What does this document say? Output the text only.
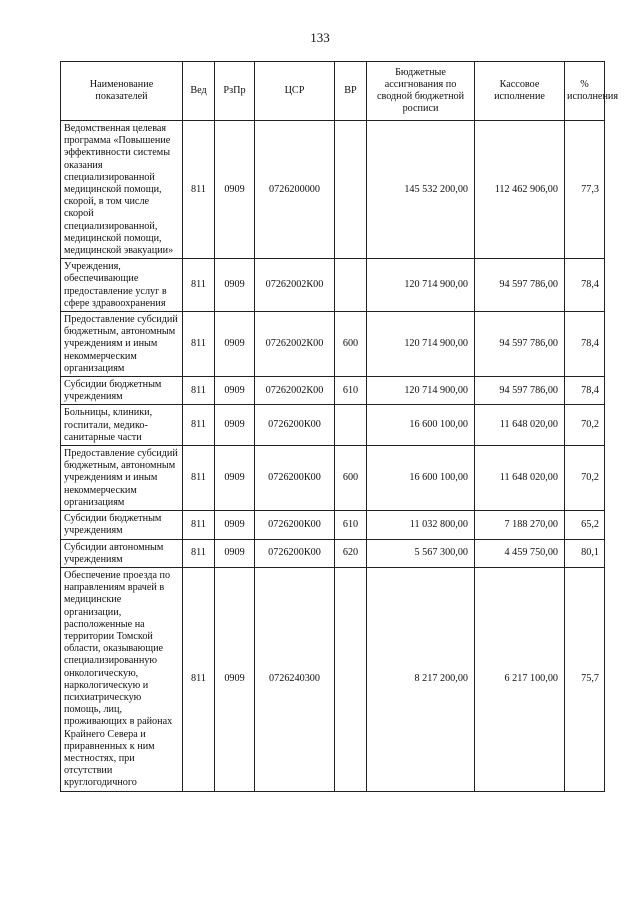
133
Наименование показателей	Вед	РзПр	ЦСР	ВР	Бюджетные ассигнования по сводной бюджетной росписи	Кассовое исполнение	% исполнения
Ведомственная целевая программа «Повышение эффективности системы оказания специализированной медицинской помощи, скорой, в том числе скорой специализированной, медицинской помощи, медицинской эвакуации»	811	0909	0726200000		145 532 200,00	112 462 906,00	77,3
Учреждения, обеспечивающие предоставление услуг в сфере здравоохранения	811	0909	07262002К00		120 714 900,00	94 597 786,00	78,4
Предоставление субсидий бюджетным, автономным учреждениям и иным некоммерческим организациям	811	0909	07262002К00	600	120 714 900,00	94 597 786,00	78,4
Субсидии бюджетным учреждениям	811	0909	07262002К00	610	120 714 900,00	94 597 786,00	78,4
Больницы, клиники, госпитали, медико-санитарные части	811	0909	0726200К00		16 600 100,00	11 648 020,00	70,2
Предоставление субсидий бюджетным, автономным учреждениям и иным некоммерческим организациям	811	0909	0726200К00	600	16 600 100,00	11 648 020,00	70,2
Субсидии бюджетным учреждениям	811	0909	0726200К00	610	11 032 800,00	7 188 270,00	65,2
Субсидии автономным учреждениям	811	0909	0726200К00	620	5 567 300,00	4 459 750,00	80,1
Обеспечение проезда по направлениям врачей в медицинские организации, расположенные на территории Томской области, оказывающие специализированную онкологическую, наркологическую и психиатрическую помощь, лиц, проживающих в районах Крайнего Севера и приравненных к ним местностях, при отсутствии круглогодичного	811	0909	0726240300		8 217 200,00	6 217 100,00	75,7
